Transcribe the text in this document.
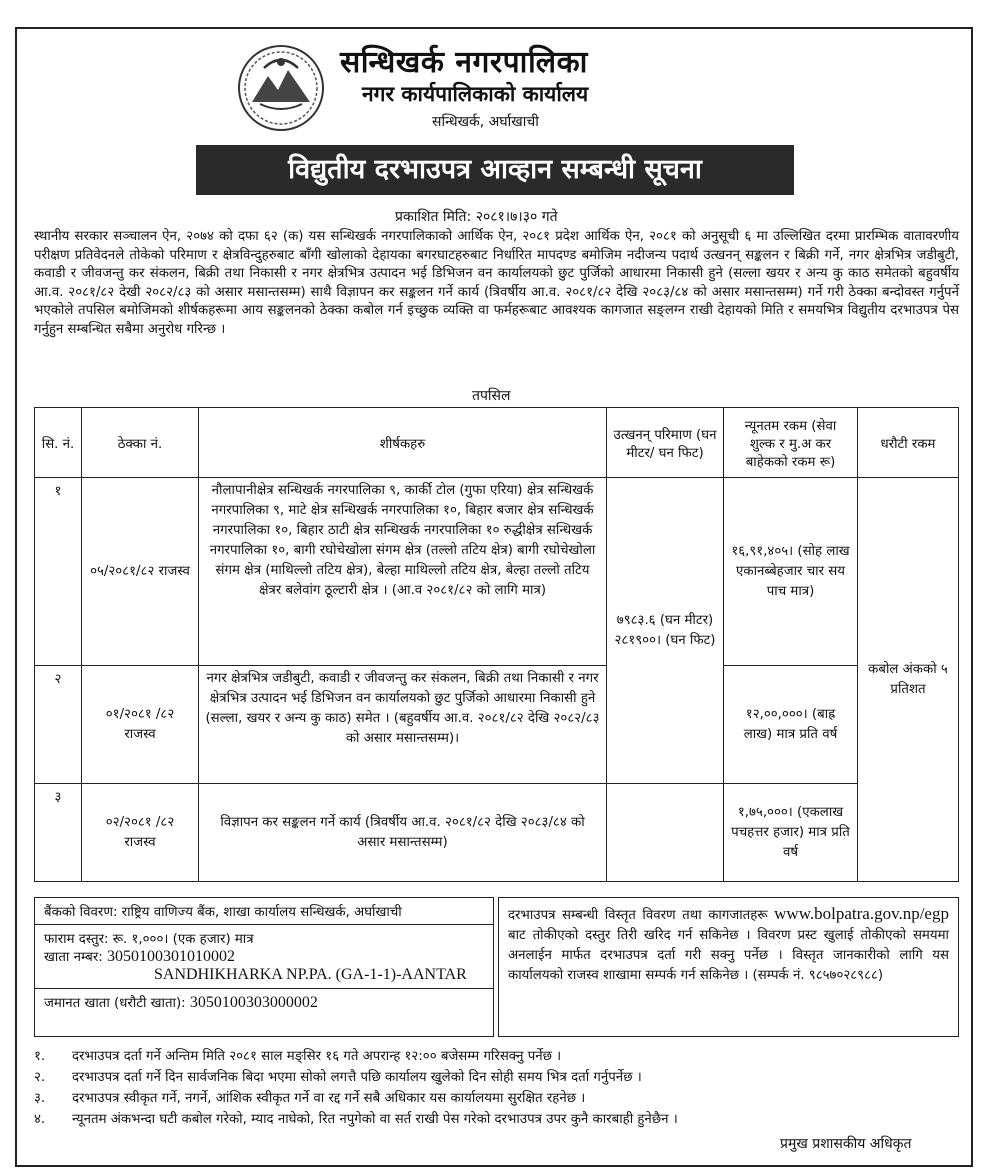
सन्धिखर्क नगरपालिका
नगर कार्यपालिकाको कार्यालय
सन्धिखर्क, अर्घाखाची
विद्युतीय दरभाउपत्र आव्हान सम्बन्धी सूचना
प्रकाशित मिति: २०८१।७।३० गते
स्थानीय सरकार सञ्चालन ऐन, २०७४ को दफा ६२ (क) यस सन्धिखर्क नगरपालिकाको आर्थिक ऐन, २०८१ प्रदेश आर्थिक ऐन, २०८१ को अनुसूची ६ मा उल्लिखित दरमा प्रारम्भिक वातावरणीय परीक्षण प्रतिवेदनले तोकेको परिमाण र क्षेत्रविन्दुहरुबाट बाँगी खोलाको देहायका बगरघाटहरुबाट निर्धारित मापदण्ड बमोजिम नदीजन्य पदार्थ उत्खनन् सङ्कलन र बिक्री गर्ने, नगर क्षेत्रभित्र जडीबुटी, कवाडी र जीवजन्तु कर संकलन, बिक्री तथा निकासी र नगर क्षेत्रभित्र उत्पादन भई डिभिजन वन कार्यालयको छुट पुर्जिको आधारमा निकासी हुने (सल्ला खयर र अन्य कु काठ समेतको बहुवर्षीय आ.व. २०८१/८२ देखी २०८२/८३ को असार मसान्तसम्म) साथै विज्ञापन कर सङ्कलन गर्ने कार्य (त्रिवर्षीय आ.व. २०८१/८२ देखि २०८३/८४ को असार मसान्तसम्म) गर्ने गरी ठेक्का बन्दोवस्त गर्नुपर्ने भएकोले तपसिल बमोजिमको शीर्षकहरूमा आय सङ्कलनको ठेक्का कबोल गर्न इच्छुक व्यक्ति वा फर्महरूबाट आवश्यक कागजात सङ्लग्न राखी देहायको मिति र समयभित्र विद्युतीय दरभाउपत्र पेस गर्नुहुन सम्बन्धित सबैमा अनुरोध गरिन्छ ।
तपसिल
सि. नं.	ठेक्का नं.	शीर्षकहरु	उत्खनन् परिमाण (घन मीटर/ घन फिट)	न्यूनतम रकम (सेवा शुल्क र मु.अ कर बाहेकको रकम रू)	धरौटी रकम
१	०५/२०८१/८२ राजस्व	नौलापानीक्षेत्र सन्धिखर्क नगरपालिका ९, कार्की टोल (गुफा एरिया) क्षेत्र सन्धिखर्क नगरपालिका ९, माटे क्षेत्र सन्धिखर्क नगरपालिका १०, बिहार बजार क्षेत्र सन्धिखर्क नगरपालिका १०, बिहार ठाटी क्षेत्र सन्धिखर्क नगरपालिका १० रुद्धीक्षेत्र सन्धिखर्क नगरपालिका १०, बागी रघोचेखोला संगम क्षेत्र (तल्लो तटिय क्षेत्र) बागी रघोचेखोला संगम क्षेत्र (माथिल्लो तटिय क्षेत्र), बेल्हा माथिल्लो तटिय क्षेत्र, बेल्हा तल्लो तटिय क्षेत्रर बलेवांग ठूल्टारी क्षेत्र । (आ.व २०८१/८२ को लागि मात्र)	७९८३.६ (घन मीटर) २८१९००। (घन फिट)	१६,९१,४०५। (सोह लाख एकानब्बेहजार चार सय पाच मात्र)	कबोल अंकको ५ प्रतिशत
२	०१/२०८१ /८२ राजस्व	नगर क्षेत्रभित्र जडीबुटी, कवाडी र जीवजन्तु कर संकलन, बिक्री तथा निकासी र नगर क्षेत्रभित्र उत्पादन भई डिभिजन वन कार्यालयको छुट पुर्जिको आधारमा निकासी हुने (सल्ला, खयर र अन्य कु काठ) समेत । (बहुवर्षीय आ.व. २०८१/८२ देखि २०८२/८३ को असार मसान्तसम्म)।		१२,००,०००। (बाह्र लाख) मात्र प्रति वर्ष	
३	०२/२०८१ /८२ राजस्व	विज्ञापन कर सङ्कलन गर्ने कार्य (त्रिवर्षीय आ.व. २०८१/८२ देखि २०८३/८४ को असार मसान्तसम्म)		१,७५,०००। (एकलाख पचहत्तर हजार) मात्र प्रति वर्ष	
बैंकको विवरण: राष्ट्रिय वाणिज्य बैंक, शाखा कार्यालय सन्धिखर्क, अर्घाखाची
फाराम दस्तुर: रू. १,०००। (एक हजार) मात्र
खाता नम्बर: 3050100301010002
SANDHIKHARKA NP.PA. (GA-1-1)-AANTAR
जमानत खाता (धरौटी खाता): 3050100303000002
दरभाउपत्र सम्बन्धी विस्तृत विवरण तथा कागजातहरू www.bolpatra.gov.np/egp बाट तोकीएको दस्तुर तिरी खरिद गर्न सकिनेछ । विवरण प्रस्ट खुलाई तोकीएको समयमा अनलाईन मार्फत दरभाउपत्र दर्ता गरी सक्नु पर्नेछ । विस्तृत जानकारीको लागि यस कार्यालयको राजस्व शाखामा सम्पर्क गर्न सकिनेछ । (सम्पर्क नं. ९८५७०२८९८८)
१.	दरभाउपत्र दर्ता गर्ने अन्तिम मिति २०८१ साल मङ्सिर १६ गते अपरान्ह १२:०० बजेसम्म गरिसक्नु पर्नेछ ।
२.	दरभाउपत्र दर्ता गर्ने दिन सार्वजनिक बिदा भएमा सोको लगत्तै पछि कार्यालय खुलेको दिन सोही समय भित्र दर्ता गर्नुपर्नेछ ।
३.	दरभाउपत्र स्वीकृत गर्ने, नगर्ने, आंशिक स्वीकृत गर्ने वा रद्द गर्ने सबै अधिकार यस कार्यालयमा सुरक्षित रहनेछ ।
४.	न्यूनतम अंकभन्दा घटी कबोल गरेको, म्याद नाघेको, रित नपुगेको वा सर्त राखी पेस गरेको दरभाउपत्र उपर कुनै कारबाही हुनेछैन ।
प्रमुख प्रशासकीय अधिकृत
